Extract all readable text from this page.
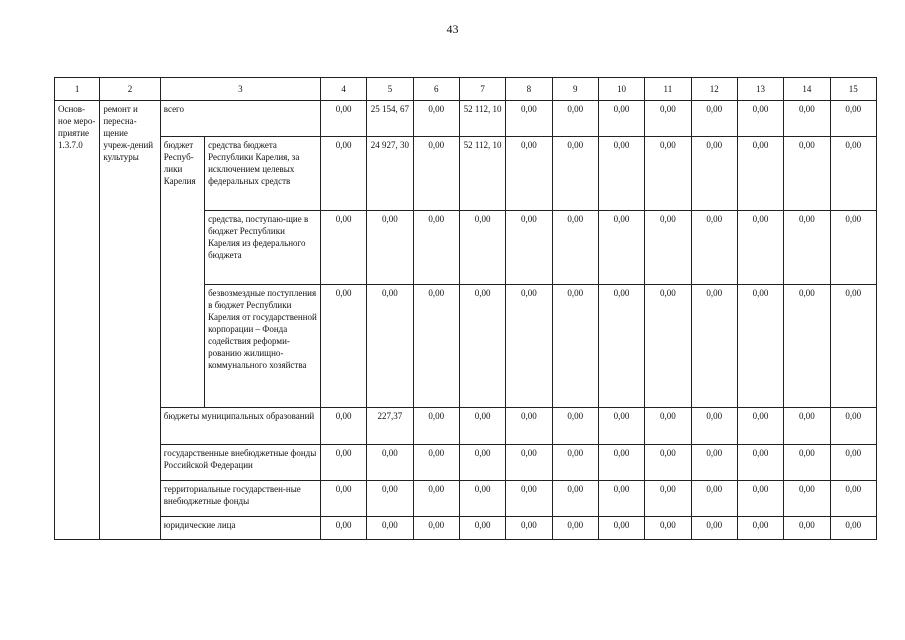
43
1	2	3		4	5	6	7	8	9	10	11	12	13	14	15
Основ-ное меро-приятие 1.3.7.0	ремонт и пересна-щение учреж-дений культуры	всего		0,00	25 154, 67	0,00	52 112, 10	0,00	0,00	0,00	0,00	0,00	0,00	0,00	0,00
		бюджет Респуб-лики Карелия	средства бюджета Республики Карелия, за исключением целевых федеральных средств	0,00	24 927, 30	0,00	52 112, 10	0,00	0,00	0,00	0,00	0,00	0,00	0,00	0,00
			средства, поступаю-щие в бюджет Республики Карелия из федерального бюджета	0,00	0,00	0,00	0,00	0,00	0,00	0,00	0,00	0,00	0,00	0,00	0,00
			безвозмездные поступления в бюджет Республики Карелия от государственной корпорации – Фонда содействия реформи-рованию жилищно-коммунального хозяйства	0,00	0,00	0,00	0,00	0,00	0,00	0,00	0,00	0,00	0,00	0,00	0,00
		бюджеты муниципальных образований		0,00	227,37	0,00	0,00	0,00	0,00	0,00	0,00	0,00	0,00	0,00	0,00
		государственные внебюджетные фонды Российской Федерации		0,00	0,00	0,00	0,00	0,00	0,00	0,00	0,00	0,00	0,00	0,00	0,00
		территориальные государствен-ные внебюджетные фонды		0,00	0,00	0,00	0,00	0,00	0,00	0,00	0,00	0,00	0,00	0,00	0,00
		юридические лица		0,00	0,00	0,00	0,00	0,00	0,00	0,00	0,00	0,00	0,00	0,00	0,00
